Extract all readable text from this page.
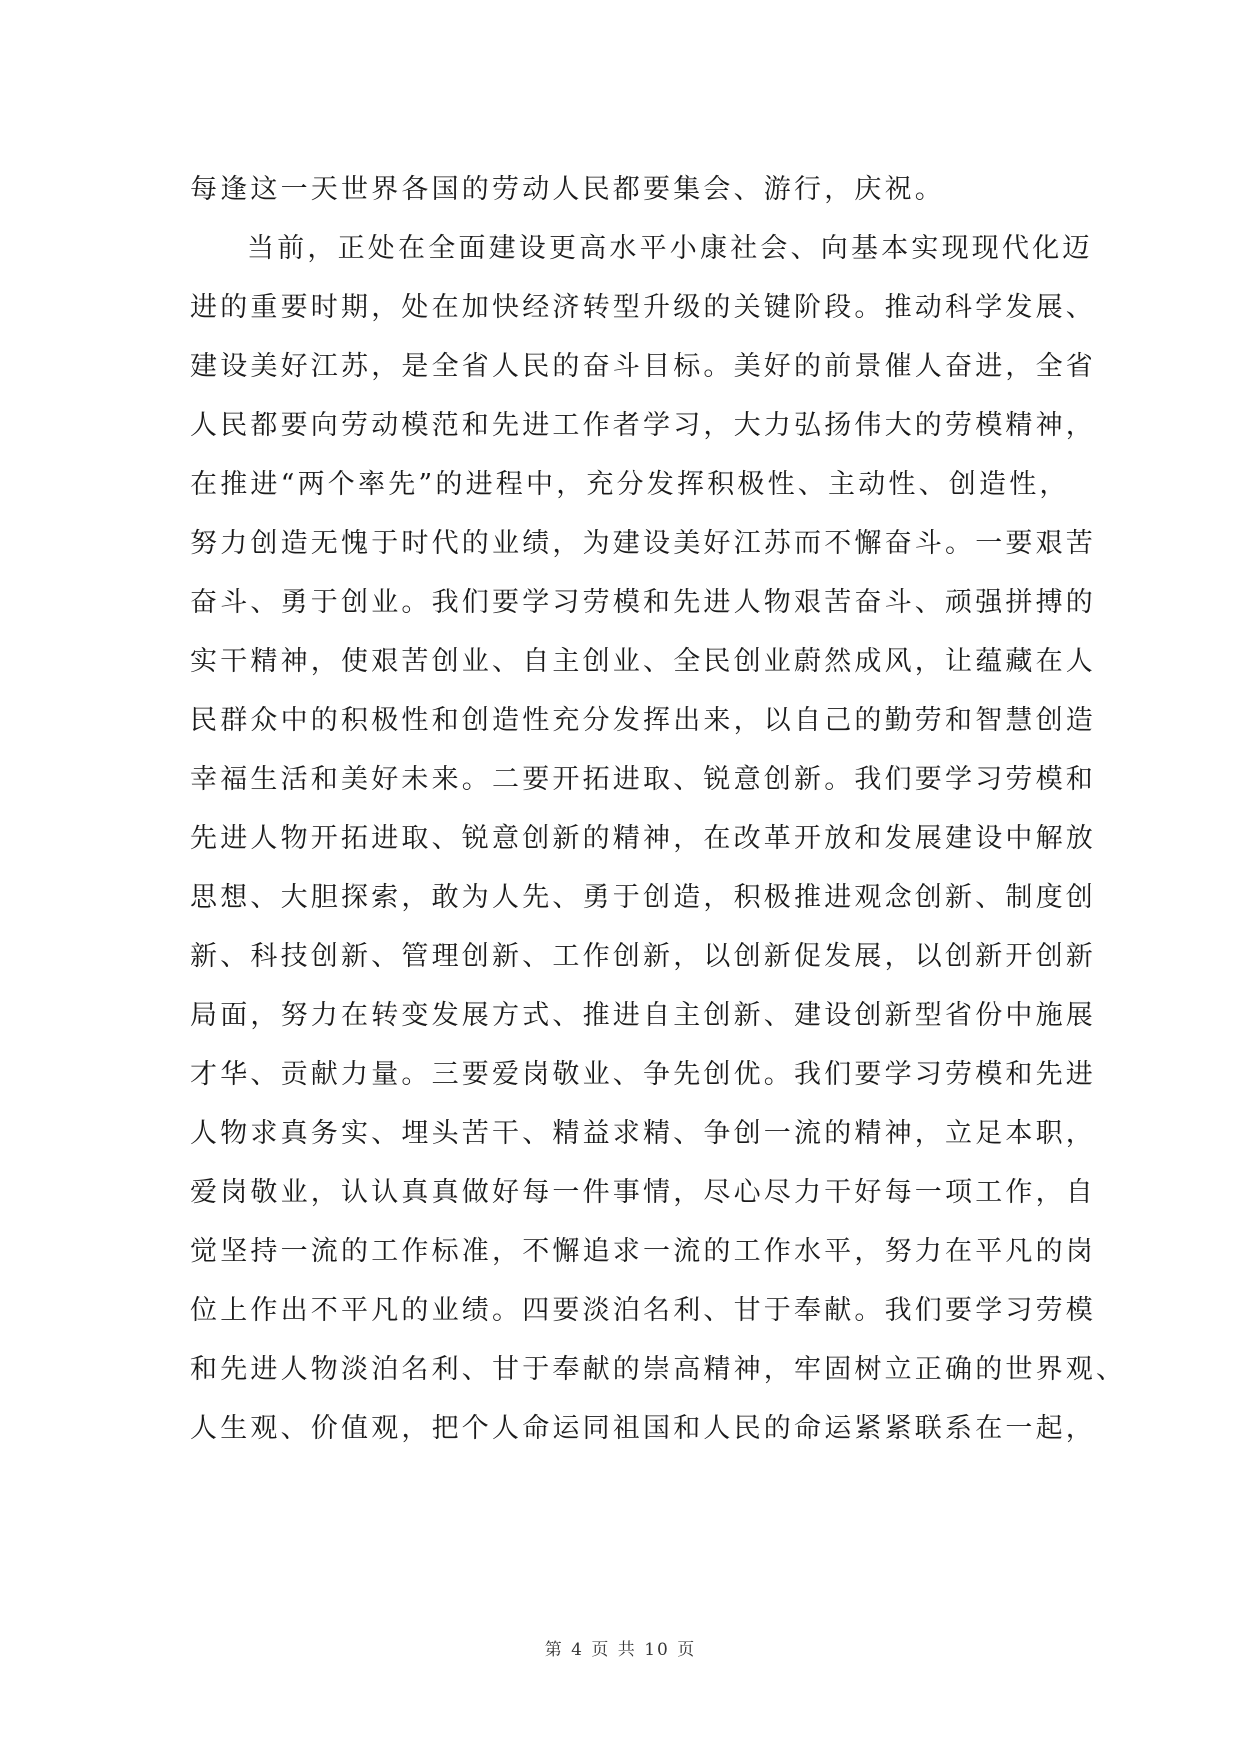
每逢这一天世界各国的劳动人民都要集会、游行，庆祝。
当前，正处在全面建设更高水平小康社会、向基本实现现代化迈
进的重要时期，处在加快经济转型升级的关键阶段。推动科学发展、
建设美好江苏，是全省人民的奋斗目标。美好的前景催人奋进，全省
人民都要向劳动模范和先进工作者学习，大力弘扬伟大的劳模精神，
在推进“两个率先”的进程中，充分发挥积极性、主动性、创造性，
努力创造无愧于时代的业绩，为建设美好江苏而不懈奋斗。一要艰苦
奋斗、勇于创业。我们要学习劳模和先进人物艰苦奋斗、顽强拼搏的
实干精神，使艰苦创业、自主创业、全民创业蔚然成风，让蕴藏在人
民群众中的积极性和创造性充分发挥出来，以自己的勤劳和智慧创造
幸福生活和美好未来。二要开拓进取、锐意创新。我们要学习劳模和
先进人物开拓进取、锐意创新的精神，在改革开放和发展建设中解放
思想、大胆探索，敢为人先、勇于创造，积极推进观念创新、制度创
新、科技创新、管理创新、工作创新，以创新促发展，以创新开创新
局面，努力在转变发展方式、推进自主创新、建设创新型省份中施展
才华、贡献力量。三要爱岗敬业、争先创优。我们要学习劳模和先进
人物求真务实、埋头苦干、精益求精、争创一流的精神，立足本职，
爱岗敬业，认认真真做好每一件事情，尽心尽力干好每一项工作，自
觉坚持一流的工作标准，不懈追求一流的工作水平，努力在平凡的岗
位上作出不平凡的业绩。四要淡泊名利、甘于奉献。我们要学习劳模
和先进人物淡泊名利、甘于奉献的崇高精神，牢固树立正确的世界观、
人生观、价值观，把个人命运同祖国和人民的命运紧紧联系在一起，
第 4 页 共 10 页
